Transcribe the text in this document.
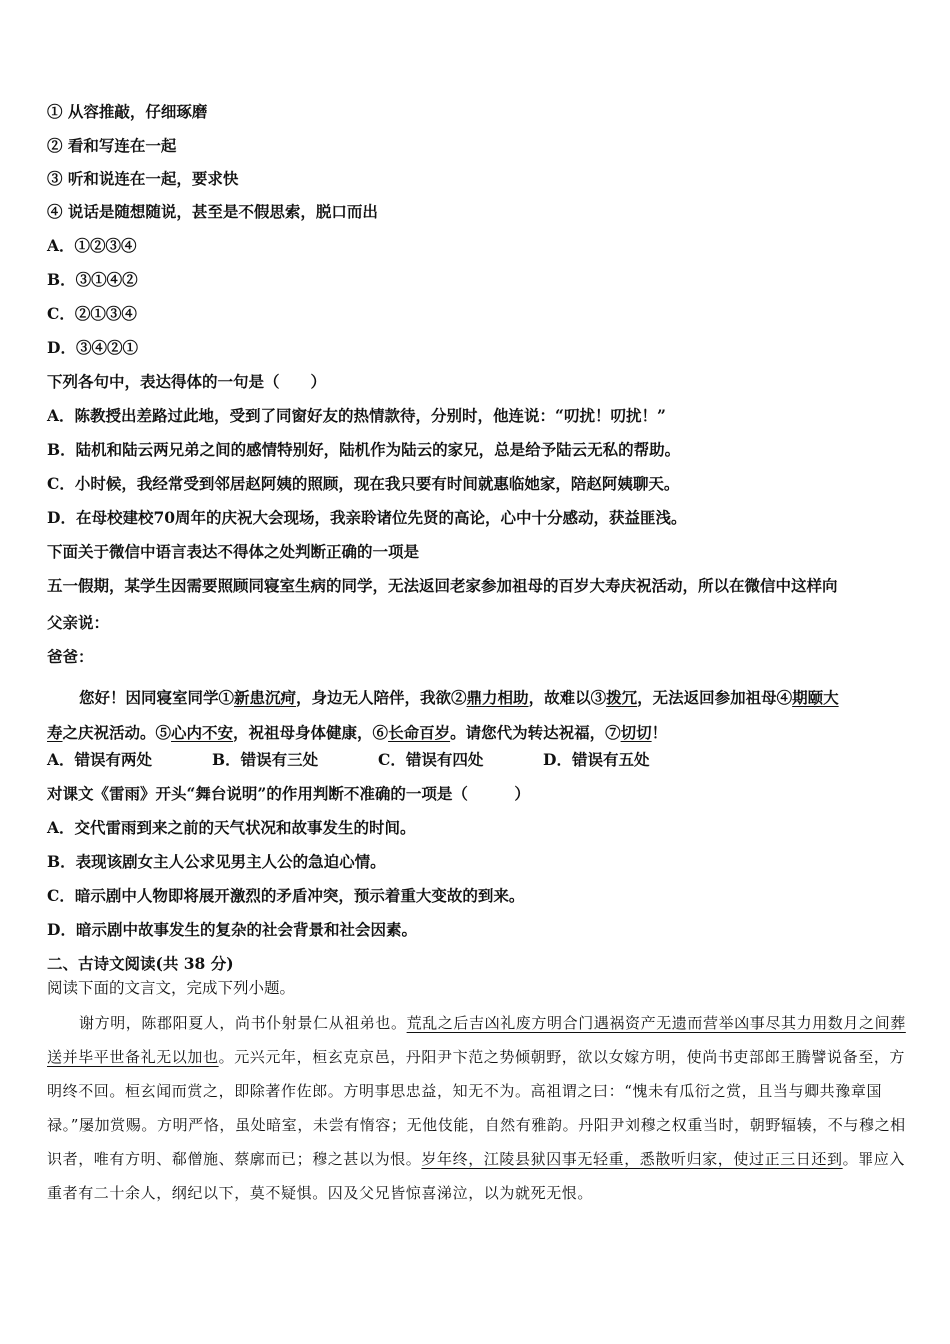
① 从容推敲，仔细琢磨
② 看和写连在一起
③ 听和说连在一起，要求快
④ 说话是随想随说，甚至是不假思索，脱口而出
A．①②③④
B．③①④②
C．②①③④
D．③④②①
下列各句中，表达得体的一句是（　　）
A．陈教授出差路过此地，受到了同窗好友的热情款待，分别时，他连说：“叨扰！叨扰！”
B．陆机和陆云两兄弟之间的感情特别好，陆机作为陆云的家兄，总是给予陆云无私的帮助。
C．小时候，我经常受到邻居赵阿姨的照顾，现在我只要有时间就惠临她家，陪赵阿姨聊天。
D．在母校建校70周年的庆祝大会现场，我亲聆诸位先贤的高论，心中十分感动，获益匪浅。
下面关于微信中语言表达不得体之处判断正确的一项是
五一假期，某学生因需要照顾同寝室生病的同学，无法返回老家参加祖母的百岁大寿庆祝活动，所以在微信中这样向
父亲说：
爸爸：
您好！因同寝室同学①新患沉疴，身边无人陪伴，我欲②鼎力相助，故难以③拨冗，无法返回参加祖母④期颐大
寿之庆祝活动。⑤心内不安，祝祖母身体健康，⑥长命百岁。请您代为转达祝福，⑦切切！
A．错误有两处	B．错误有三处	C．错误有四处	D．错误有五处
对课文《雷雨》开头“舞台说明”的作用判断不准确的一项是（　　　）
A．交代雷雨到来之前的天气状况和故事发生的时间。
B．表现该剧女主人公求见男主人公的急迫心情。
C．暗示剧中人物即将展开激烈的矛盾冲突，预示着重大变故的到来。
D．暗示剧中故事发生的复杂的社会背景和社会因素。
二、古诗文阅读(共 38 分)
阅读下面的文言文，完成下列小题。
谢方明，陈郡阳夏人，尚书仆射景仁从祖弟也。荒乱之后吉凶礼废方明合门遇祸资产无遗而营举凶事尽其力用数月之间葬送并毕平世备礼无以加也。元兴元年，桓玄克京邑，丹阳尹卞范之势倾朝野，欲以女嫁方明，使尚书吏部郎王腾譬说备至，方明终不回。桓玄闻而赏之，即除著作佐郎。方明事思忠益，知无不为。高祖谓之曰：“愧未有瓜衍之赏，且当与卿共豫章国禄。”屡加赏赐。方明严恪，虽处暗室，未尝有惰容；无他伎能，自然有雅韵。丹阳尹刘穆之权重当时，朝野辐辏，不与穆之相识者，唯有方明、郗僧施、蔡廓而已；穆之甚以为恨。岁年终，江陵县狱囚事无轻重，悉散听归家，使过正三日还到。罪应入重者有二十余人，纲纪以下，莫不疑惧。囚及父兄皆惊喜涕泣，以为就死无恨。
